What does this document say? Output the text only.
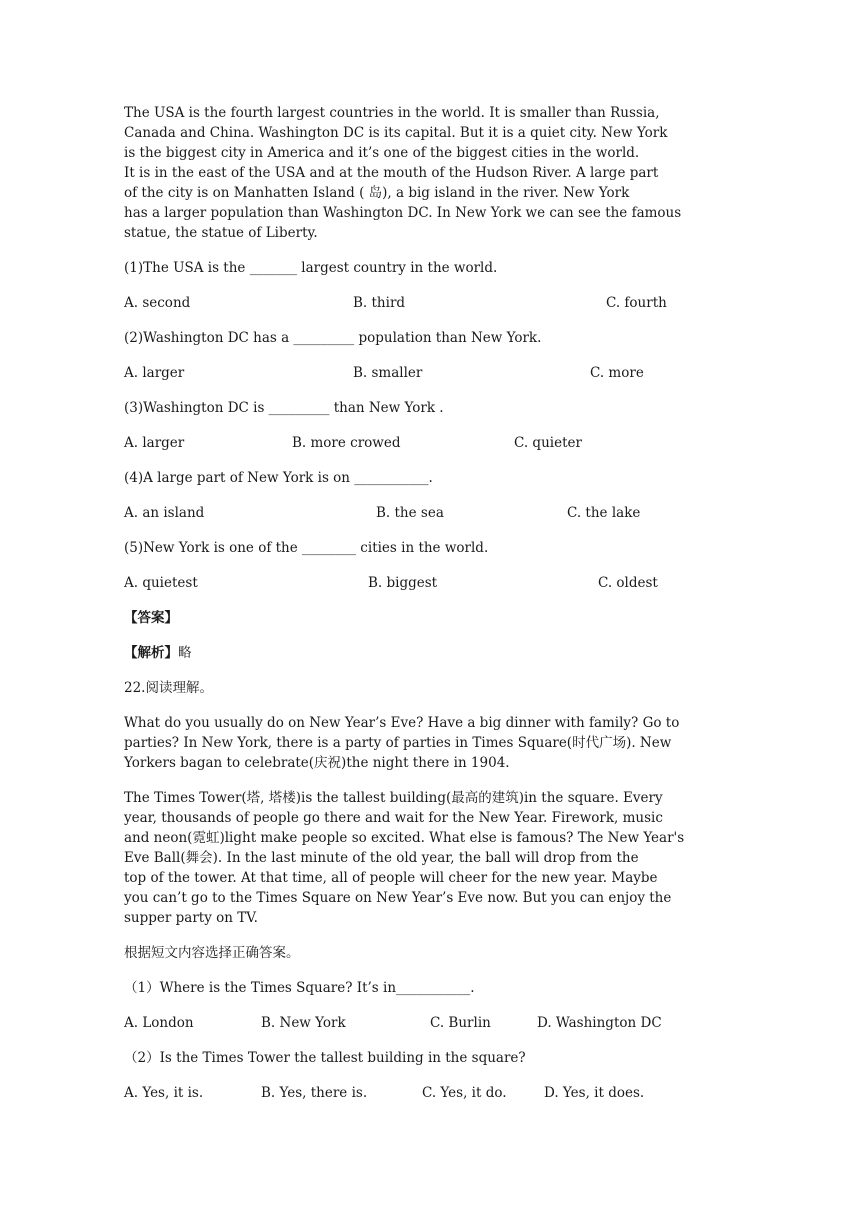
The USA is the fourth largest countries in the world. It is smaller than Russia,

Canada and China. Washington DC is its capital. But it is a quiet city. New York

is the biggest city in America and it’s one of the biggest cities in the world.

It is in the east of the USA and at the mouth of the Hudson River. A large part

of the city is on Manhatten Island ( 岛), a big island in the river. New York

has a larger population than Washington DC. In New York we can see the famous

statue, the statue of Liberty.

(1)The USA is the _______ largest country in the world.

A. second

	B. third

	C. fourth

(2)Washington DC has a _________ population than New York.

A. larger

	B. smaller

	C. more

(3)Washington DC is _________ than New York .

A. larger

	B. more crowed

	C. quieter

(4)A large part of New York is on ___________.

A. an island

	B. the sea

	C. the lake

(5)New York is one of the ________ cities in the world.

A. quietest

	B. biggest

	C. oldest

【答案】

【解析】略

22.阅读理解。

What do you usually do on New Year’s Eve? Have a big dinner with family? Go to

parties? In New York, there is a party of parties in Times Square(时代广场). New

Yorkers bagan to celebrate(庆祝)the night there in 1904.

The Times Tower(塔, 塔楼)is the tallest building(最高的建筑)in the square. Every

year, thousands of people go there and wait for the New Year. Firework, music

and neon(霓虹)light make people so excited. What else is famous? The New Year's

Eve Ball(舞会). In the last minute of the old year, the ball will drop from the

top of the tower. At that time, all of people will cheer for the new year. Maybe

you can’t go to the Times Square on New Year’s Eve now. But you can enjoy the

supper party on TV.

根据短文内容选择正确答案。

（1）Where is the Times Square? It’s in___________.

A. London

	B. New York

	C. Burlin

	D. Washington DC

（2）Is the Times Tower the tallest building in the square?

A. Yes, it is.

	B. Yes, there is.

	C. Yes, it do.

	D. Yes, it does.
